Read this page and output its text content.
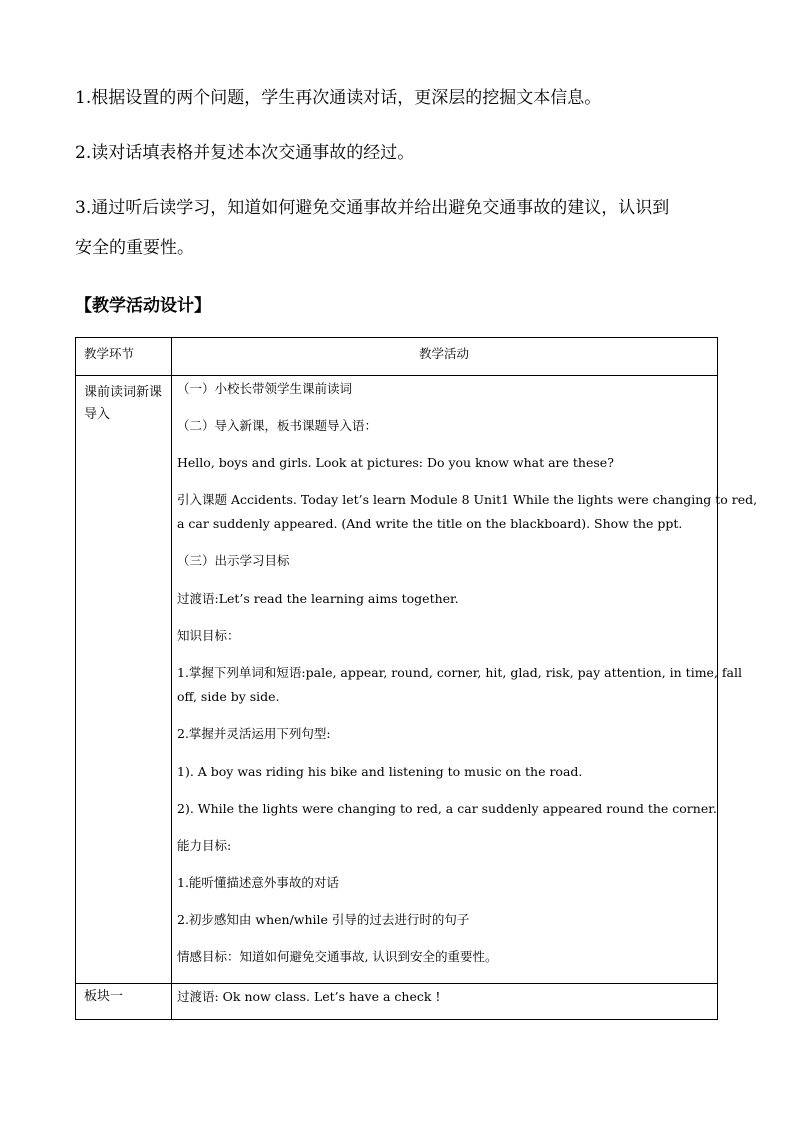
1.根据设置的两个问题，学生再次通读对话，更深层的挖掘文本信息。
2.读对话填表格并复述本次交通事故的经过。
3.通过听后读学习，知道如何避免交通事故并给出避免交通事故的建议，认识到
安全的重要性。
【教学活动设计】
教学环节	教学活动
课前读词新课导入
（一）小校长带领学生课前读词
（二）导入新课，板书课题导入语：
Hello, boys and girls. Look at pictures: Do you know what are these?
引入课题 Accidents. Today let’s learn Module 8 Unit1 While the lights were changing to red,
a car suddenly appeared. (And write the title on the blackboard). Show the ppt.
（三）出示学习目标
过渡语:Let’s read the learning aims together.
知识目标：
1.掌握下列单词和短语:pale, appear, round, corner, hit, glad, risk, pay attention, in time, fall
off, side by side.
2.掌握并灵活运用下列句型:
1). A boy was riding his bike and listening to music on the road.
2). While the lights were changing to red, a car suddenly appeared round the corner.
能力目标:
1.能听懂描述意外事故的对话
2.初步感知由 when/while 引导的过去进行时的句子
情感目标：知道如何避免交通事故, 认识到安全的重要性。
板块一	过渡语: Ok now class. Let’s have a check !
